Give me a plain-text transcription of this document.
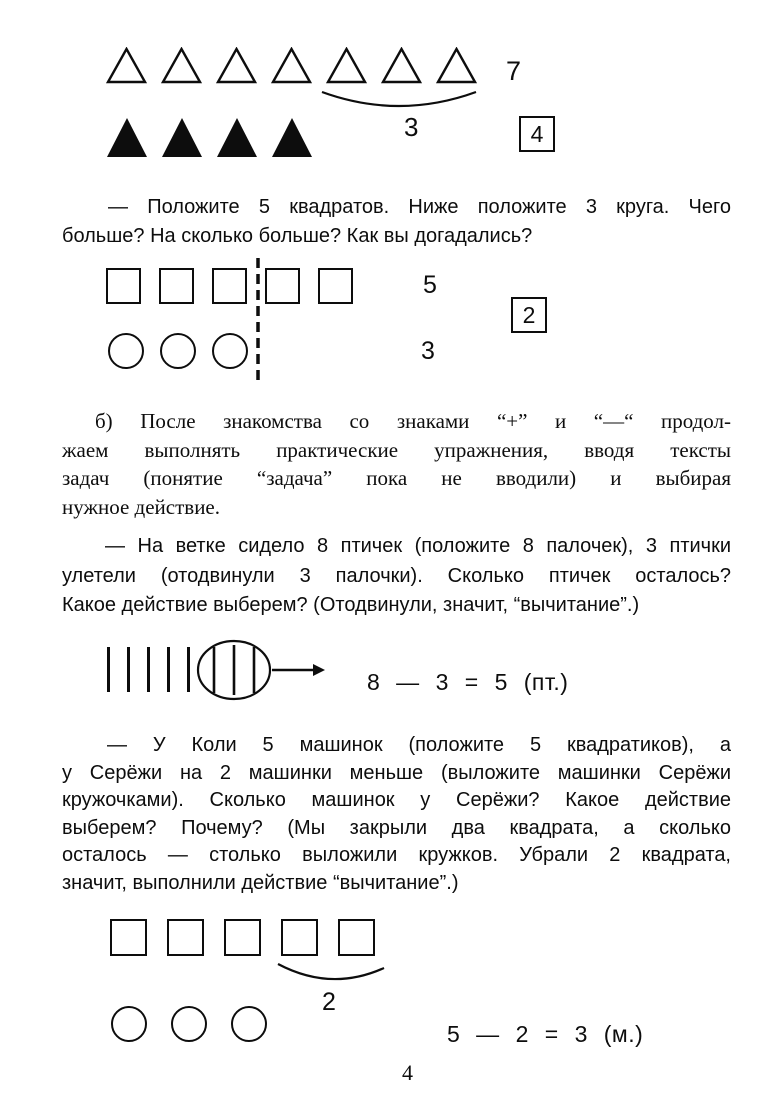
7
3	4
— Положите 5 квадратов. Ниже положите 3 круга. Чего
больше? На сколько больше? Как вы догадались?
5
3
2
б) После знакомства со знаками “+” и “—“ продол-
жаем выполнять практические упражнения, вводя тексты
задач (понятие “задача” пока не вводили) и выбирая
нужное действие.
— На ветке сидело 8 птичек (положите 8 палочек), 3 птички
улетели (отодвинули 3 палочки). Сколько птичек осталось?
Какое действие выберем? (Отодвинули, значит, “вычитание”.)
8 — 3 = 5 (пт.)
— У Коли 5 машинок (положите 5 квадратиков), а
у Серёжи на 2 машинки меньше (выложите машинки Серёжи
кружочками). Сколько машинок у Серёжи? Какое действие
выберем? Почему? (Мы закрыли два квадрата, а сколько
осталось — столько выложили кружков. Убрали 2 квадрата,
значит, выполнили действие “вычитание”.)
2
5 — 2 = 3 (м.)
4
